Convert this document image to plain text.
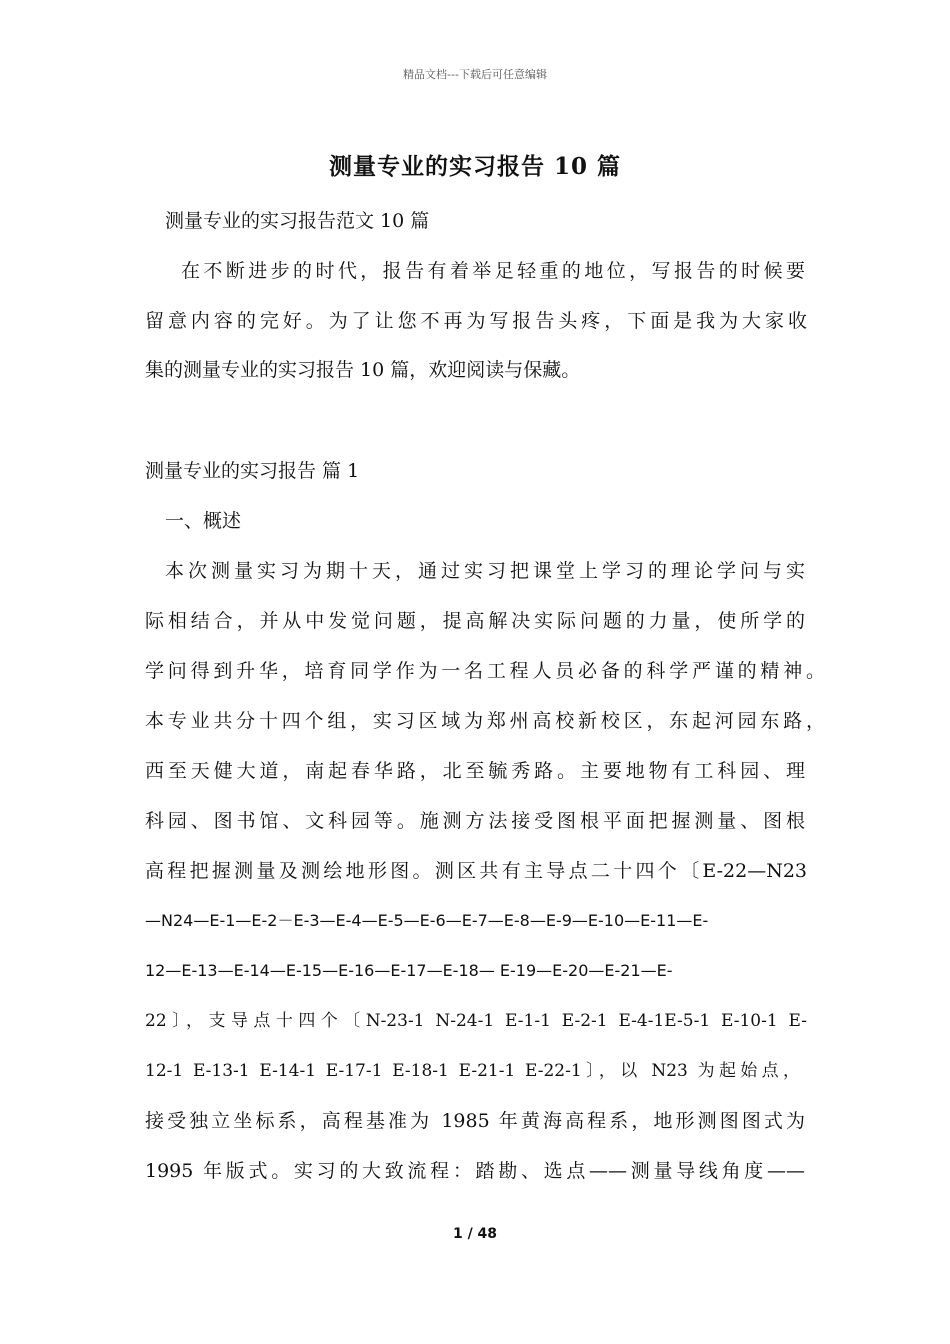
精品文档---下载后可任意编辑
测量专业的实习报告 10 篇
测量专业的实习报告范文 10 篇
在不断进步的时代，报告有着举足轻重的地位，写报告的时候要
留意内容的完好。为了让您不再为写报告头疼，下面是我为大家收
集的测量专业的实习报告 10 篇，欢迎阅读与保藏。
测量专业的实习报告 篇 1
一、概述
本次测量实习为期十天，通过实习把课堂上学习的理论学问与实
际相结合，并从中发觉问题，提高解决实际问题的力量，使所学的
学问得到升华，培育同学作为一名工程人员必备的科学严谨的精神。
本专业共分十四个组，实习区域为郑州高校新校区，东起河园东路，
西至天健大道，南起春华路，北至毓秀路。主要地物有工科园、理
科园、图书馆、文科园等。施测方法接受图根平面把握测量、图根
高程把握测量及测绘地形图。测区共有主导点二十四个〔E-22—N23
—N24—E-1—E-2－E-3—E-4—E-5—E-6—E-7—E-8—E-9—E-10—E-11—E-
12—E-13—E-14—E-15—E-16—E-17—E-18— E-19—E-20—E-21—E-
22〕，支导点十四个〔N-23-1 N-24-1 E-1-1 E-2-1 E-4-1E-5-1 E-10-1 E-
12-1 E-13-1 E-14-1 E-17-1 E-18-1 E-21-1 E-22-1〕，以 N23 为起始点，
接受独立坐标系，高程基准为 1985 年黄海高程系，地形测图图式为
1995 年版式。实习的大致流程：踏勘、选点——测量导线角度——
1 / 48
